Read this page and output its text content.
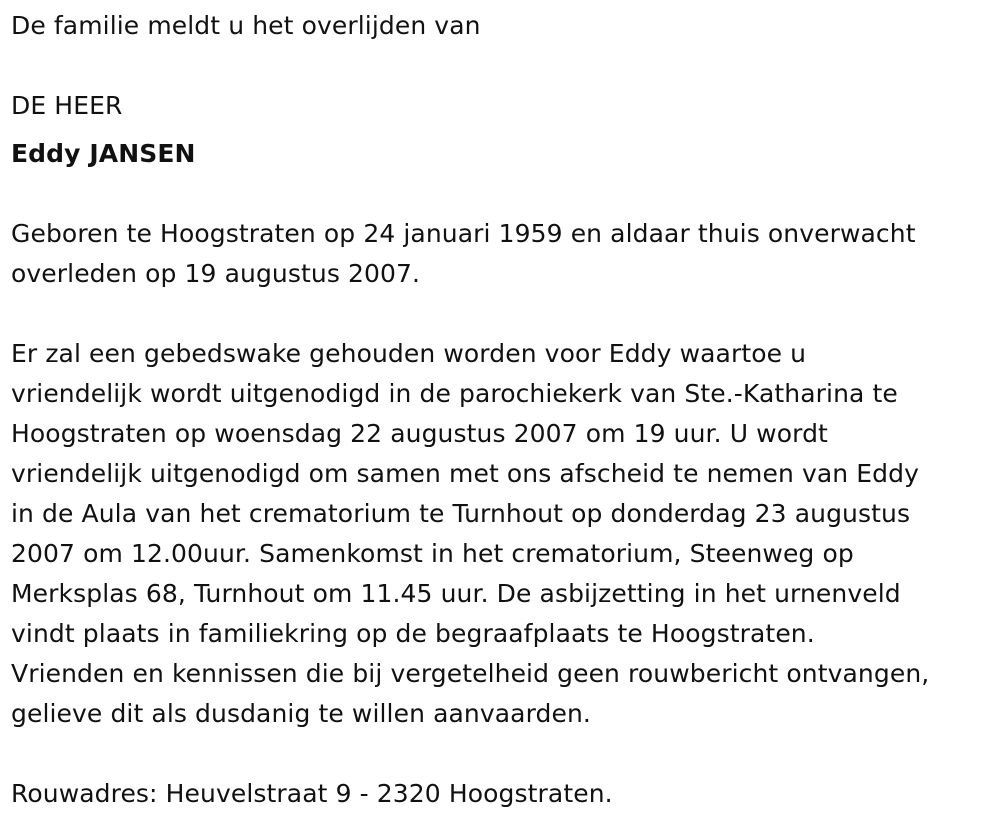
De familie meldt u het overlijden van

DE HEER

Eddy JANSEN

Geboren te Hoogstraten op 24 januari 1959 en aldaar thuis onverwacht
overleden op 19 augustus 2007.
Er zal een gebedswake gehouden worden voor Eddy waartoe u
vriendelijk wordt uitgenodigd in de parochiekerk van Ste.-Katharina te
Hoogstraten op woensdag 22 augustus 2007 om 19 uur. U wordt
vriendelijk uitgenodigd om samen met ons afscheid te nemen van Eddy
in de Aula van het crematorium te Turnhout op donderdag 23 augustus
2007 om 12.00uur. Samenkomst in het crematorium, Steenweg op
Merksplas 68, Turnhout om 11.45 uur. De asbijzetting in het urnenveld
vindt plaats in familiekring op de begraafplaats te Hoogstraten.
Vrienden en kennissen die bij vergetelheid geen rouwbericht ontvangen,
gelieve dit als dusdanig te willen aanvaarden.

Rouwadres: Heuvelstraat 9 - 2320 Hoogstraten.
